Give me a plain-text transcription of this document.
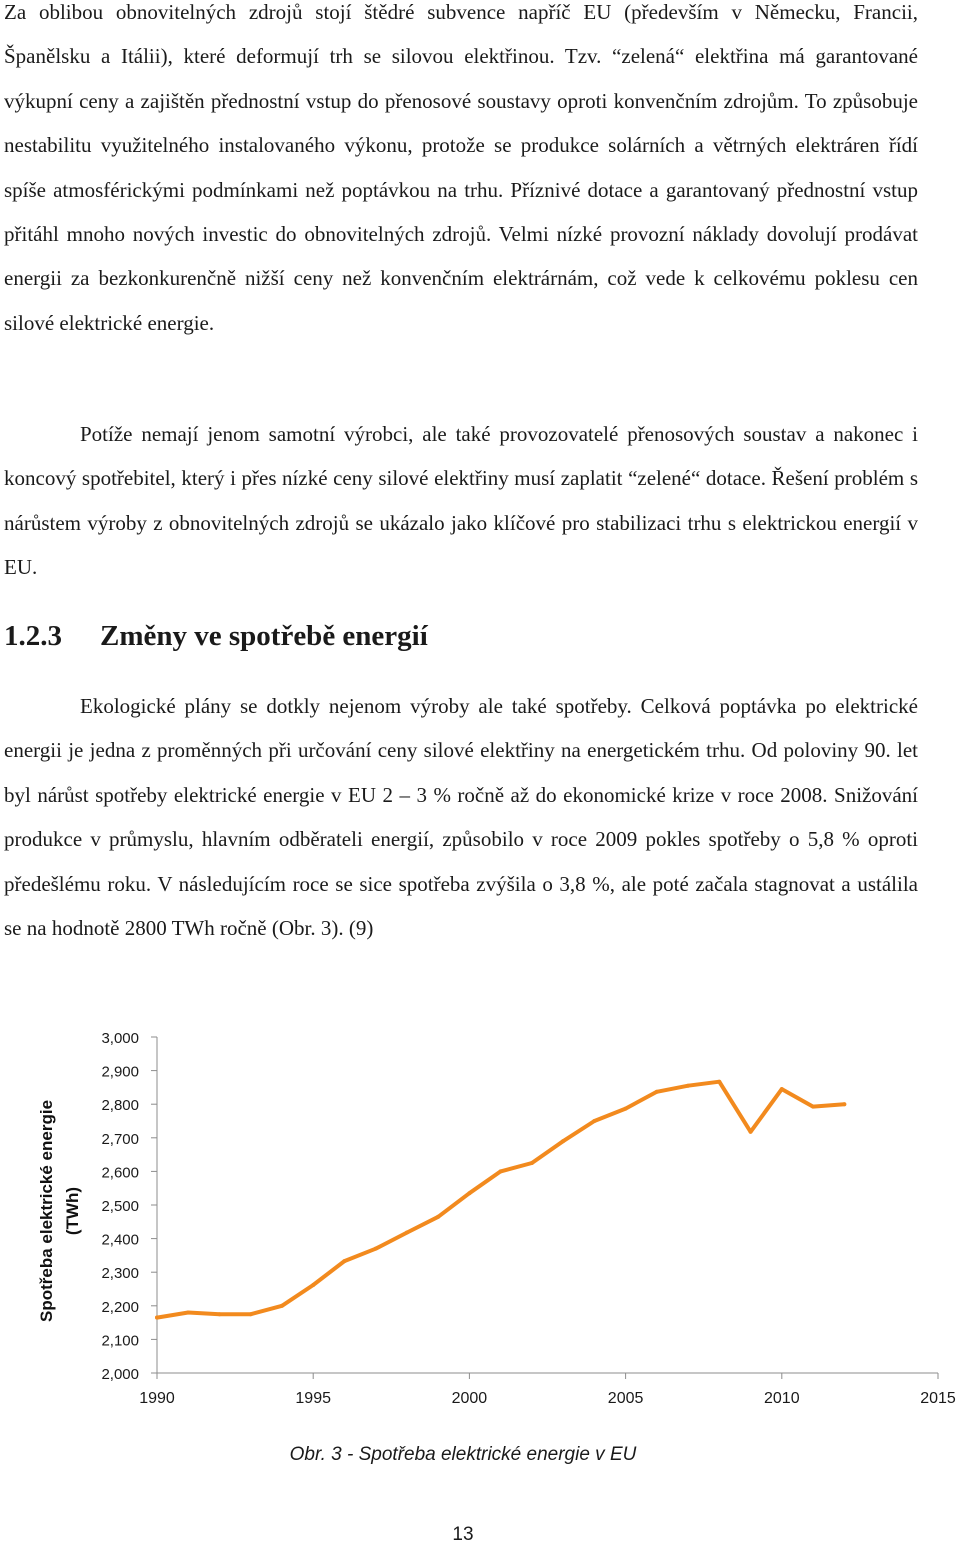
Za oblibou obnovitelných zdrojů stojí štědré subvence napříč EU (především v Německu, Francii, Španělsku a Itálii), které deformují trh se silovou elektřinou. Tzv. “zelená“ elektřina má garantované výkupní ceny a zajištěn přednostní vstup do přenosové soustavy oproti konvenčním zdrojům. To způsobuje nestabilitu využitelného instalovaného výkonu, protože se produkce solárních a větrných elektráren řídí spíše atmosférickými podmínkami než poptávkou na trhu. Příznivé dotace a garantovaný přednostní vstup přitáhl mnoho nových investic do obnovitelných zdrojů. Velmi nízké provozní náklady dovolují prodávat energii za bezkonkurenčně nižší ceny než konvenčním elektrárnám, což vede k celkovému poklesu cen silové elektrické energie.

Potíže nemají jenom samotní výrobci, ale také provozovatelé přenosových soustav a nakonec i koncový spotřebitel, který i přes nízké ceny silové elektřiny musí zaplatit “zelené“ dotace. Řešení problém s nárůstem výroby z obnovitelných zdrojů se ukázalo jako klíčové pro stabilizaci trhu s elektrickou energií v EU.

1.2.3 Změny ve spotřebě energií

Ekologické plány se dotkly nejenom výroby ale také spotřeby. Celková poptávka po elektrické energii je jedna z proměnných při určování ceny silové elektřiny na energetickém trhu. Od poloviny 90. let byl nárůst spotřeby elektrické energie v EU 2 – 3 % ročně až do ekonomické krize v roce 2008. Snižování produkce v průmyslu, hlavním odběrateli energií, způsobilo v roce 2009 pokles spotřeby o 5,8 % oproti předešlému roku. V následujícím roce se sice spotřeba zvýšila o 3,8 %, ale poté začala stagnovat a ustálila se na hodnotě 2800 TWh ročně (Obr. 3). (9)

2,000
2,100
2,200
2,300
2,400
2,500
2,600
2,700
2,800
2,900
3,000
1990	1995	2000	2005	2010	2015
Spotřeba elektrické energie (TWh)

Obr. 3 - Spotřeba elektrické energie v EU

13
